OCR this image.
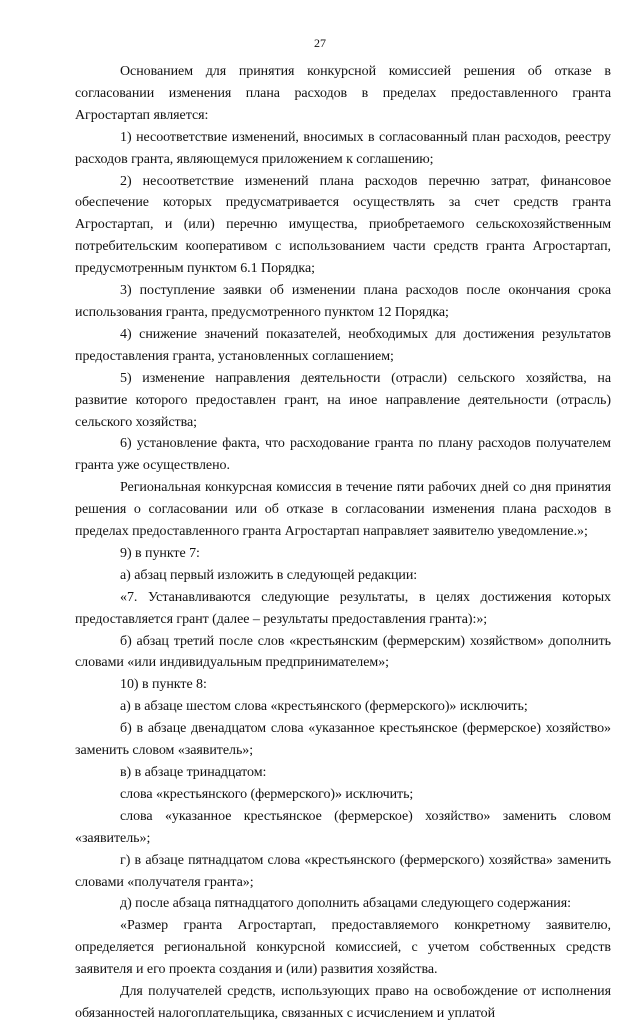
27

Основанием для принятия конкурсной комиссией решения об отказе в согласовании изменения плана расходов в пределах предоставленного гранта Агростартап является:

1) несоответствие изменений, вносимых в согласованный план расходов, реестру расходов гранта, являющемуся приложением к соглашению;

2) несоответствие изменений плана расходов перечню затрат, финансовое обеспечение которых предусматривается осуществлять за счет средств гранта Агростартап, и (или) перечню имущества, приобретаемого сельскохозяйственным потребительским кооперативом с использованием части средств гранта Агростартап, предусмотренным пунктом 6.1 Порядка;

3) поступление заявки об изменении плана расходов после окончания срока использования гранта, предусмотренного пунктом 12 Порядка;

4) снижение значений показателей, необходимых для достижения результатов предоставления гранта, установленных соглашением;

5) изменение направления деятельности (отрасли) сельского хозяйства, на развитие которого предоставлен грант, на иное направление деятельности (отрасль) сельского хозяйства;

6) установление факта, что расходование гранта по плану расходов получателем гранта уже осуществлено.

Региональная конкурсная комиссия в течение пяти рабочих дней со дня принятия решения о согласовании или об отказе в согласовании изменения плана расходов в пределах предоставленного гранта Агростартап направляет заявителю уведомление.»;

9) в пункте 7:

а) абзац первый изложить в следующей редакции:

«7. Устанавливаются следующие результаты, в целях достижения которых предоставляется грант (далее – результаты предоставления гранта):»;

б) абзац третий после слов «крестьянским (фермерским) хозяйством» дополнить словами «или индивидуальным предпринимателем»;

10) в пункте 8:

а) в абзаце шестом слова «крестьянского (фермерского)» исключить;

б) в абзаце двенадцатом слова «указанное крестьянское (фермерское) хозяйство» заменить словом «заявитель»;

в) в абзаце тринадцатом:

слова «крестьянского (фермерского)» исключить;

слова «указанное крестьянское (фермерское) хозяйство» заменить словом «заявитель»;

г) в абзаце пятнадцатом слова «крестьянского (фермерского) хозяйства» заменить словами «получателя гранта»;

д) после абзаца пятнадцатого дополнить абзацами следующего содержания:

«Размер гранта Агростартап, предоставляемого конкретному заявителю, определяется региональной конкурсной комиссией, с учетом собственных средств заявителя и его проекта создания и (или) развития хозяйства.

Для получателей средств, использующих право на освобождение от исполнения обязанностей налогоплательщика, связанных с исчислением и уплатой
